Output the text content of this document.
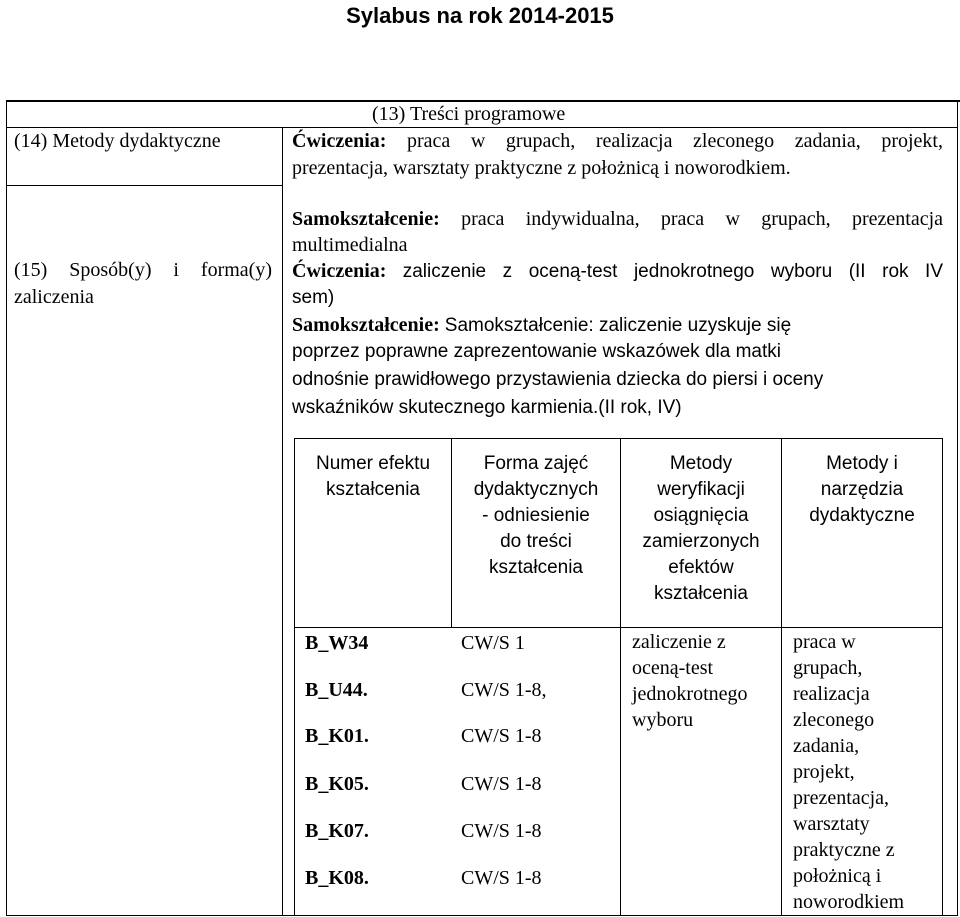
Sylabus na rok 2014-2015
(13) Treści programowe
(14) Metody dydaktyczne	Ćwiczenia: praca w grupach, realizacja zleconego zadania, projekt,
prezentacja, warsztaty praktyczne z położnicą i noworodkiem.
Samokształcenie: praca indywidualna, praca w grupach, prezentacja
multimedialna
(15) Sposób(y) i forma(y)
zaliczenia
Ćwiczenia: zaliczenie z oceną-test jednokrotnego wyboru (II rok IV
sem)
Samokształcenie: Samokształcenie: zaliczenie uzyskuje się
poprzez poprawne zaprezentowanie wskazówek dla matki
odnośnie prawidłowego przystawienia dziecka do piersi i oceny
wskaźników skutecznego karmienia.(II rok, IV)
Numer efektu
kształcenia
Forma zajęć
dydaktycznych
- odniesienie
do treści
kształcenia
Metody
weryfikacji
osiągnięcia
zamierzonych
efektów
kształcenia
Metody i
narzędzia
dydaktyczne
B_W34
B_U44.
B_K01.
B_K05.
B_K07.
B_K08.
CW/S 1
CW/S 1-8,
CW/S 1-8
CW/S 1-8
CW/S 1-8
CW/S 1-8
zaliczenie z
oceną-test
jednokrotnego
wyboru
praca w
grupach,
realizacja
zleconego
zadania,
projekt,
prezentacja,
warsztaty
praktyczne z
położnicą i
noworodkiem
